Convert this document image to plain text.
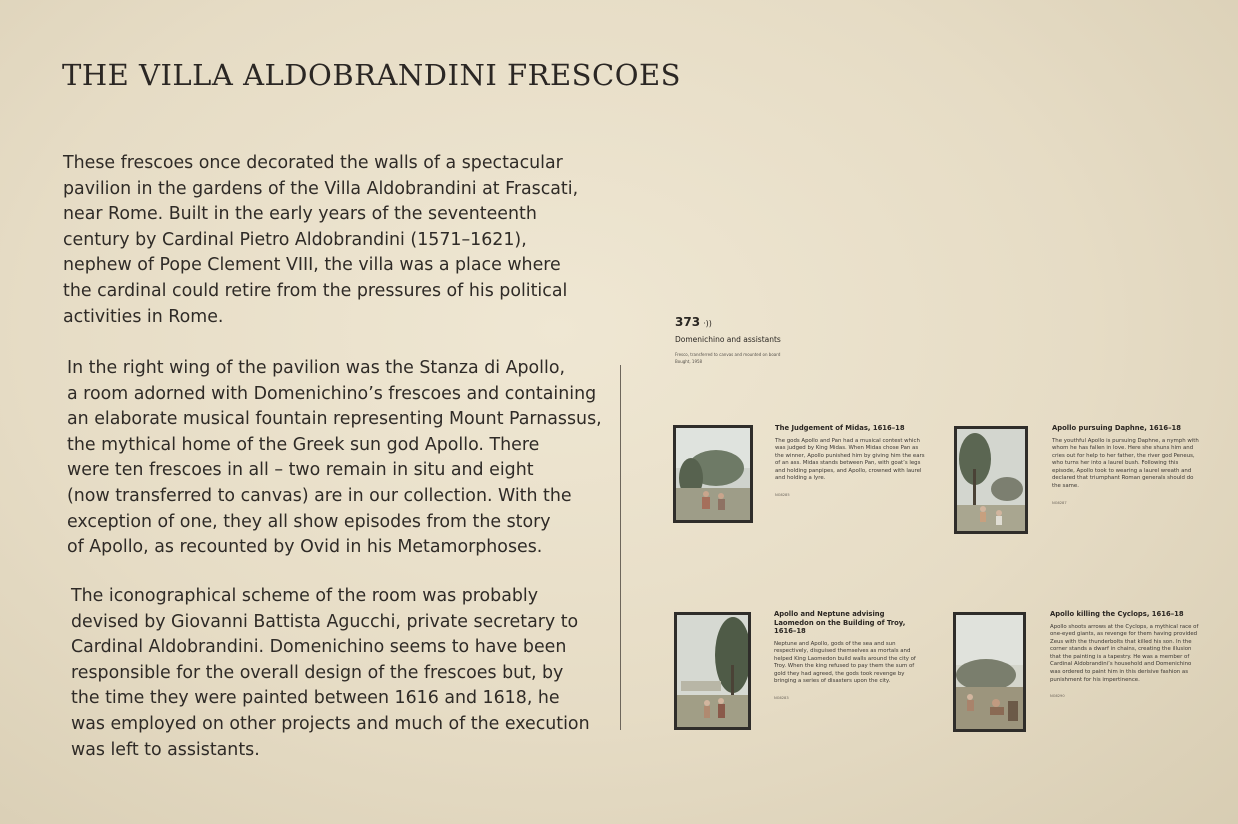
THE VILLA ALDOBRANDINI FRESCOES
These frescoes once decorated the walls of a spectacular
pavilion in the gardens of the Villa Aldobrandini at Frascati,
near Rome. Built in the early years of the seventeenth
century by Cardinal Pietro Aldobrandini (1571–1621),
nephew of Pope Clement VIII, the villa was a place where
the cardinal could retire from the pressures of his political
activities in Rome.
In the right wing of the pavilion was the Stanza di Apollo,
a room adorned with Domenichino’s frescoes and containing
an elaborate musical fountain representing Mount Parnassus,
the mythical home of the Greek sun god Apollo. There
were ten frescoes in all – two remain in situ and eight
(now transferred to canvas) are in our collection. With the
exception of one, they all show episodes from the story
of Apollo, as recounted by Ovid in his Metamorphoses.
The iconographical scheme of the room was probably
devised by Giovanni Battista Agucchi, private secretary to
Cardinal Aldobrandini. Domenichino seems to have been
responsible for the overall design of the frescoes but, by
the time they were painted between 1616 and 1618, he
was employed on other projects and much of the execution
was left to assistants.
373 ·))
Domenichino and assistants
Fresco, transferred to canvas and mounted on board
Bought, 1958
The Judgement of Midas, 1616–18
The gods Apollo and Pan had a musical contest which was judged by King Midas. When Midas chose Pan as the winner, Apollo punished him by giving him the ears of an ass. Midas stands between Pan, with goat’s legs and holding panpipes, and Apollo, crowned with laurel and holding a lyre.
NG6285
Apollo pursuing Daphne, 1616–18
The youthful Apollo is pursuing Daphne, a nymph with whom he has fallen in love. Here she shuns him and cries out for help to her father, the river god Peneus, who turns her into a laurel bush. Following this episode, Apollo took to wearing a laurel wreath and declared that triumphant Roman generals should do the same.
NG6287
Apollo and Neptune advising Laomedon on the Building of Troy, 1616–18
Neptune and Apollo, gods of the sea and sun respectively, disguised themselves as mortals and helped King Laomedon build walls around the city of Troy. When the king refused to pay them the sum of gold they had agreed, the gods took revenge by bringing a series of disasters upon the city.
NG6283
Apollo killing the Cyclops, 1616–18
Apollo shoots arrows at the Cyclops, a mythical race of one-eyed giants, as revenge for them having provided Zeus with the thunderbolts that killed his son. In the corner stands a dwarf in chains, creating the illusion that the painting is a tapestry. He was a member of Cardinal Aldobrandini’s household and Domenichino was ordered to paint him in this derisive fashion as punishment for his impertinence.
NG6290
